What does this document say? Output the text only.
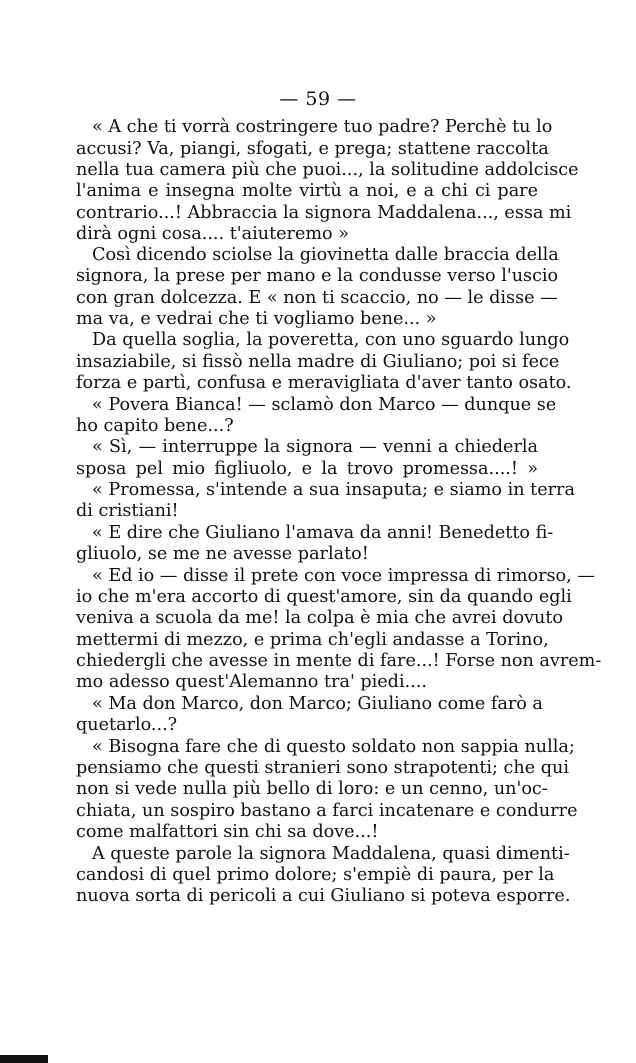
— 59 —
« A che ti vorrà costringere tuo padre? Perchè tu lo
accusi? Va, piangi, sfogati, e prega; stattene raccolta
nella tua camera più che puoi..., la solitudine addolcisce
l'anima e insegna molte virtù a noi, e a chi ci pare
contrario...! Abbraccia la signora Maddalena..., essa mi
dirà ogni cosa.... t'aiuteremo »
Così dicendo sciolse la giovinetta dalle braccia della
signora, la prese per mano e la condusse verso l'uscio
con gran dolcezza. E « non ti scaccio, no — le disse —
ma va, e vedrai che ti vogliamo bene... »
Da quella soglia, la poveretta, con uno sguardo lungo
insaziabile, si fissò nella madre di Giuliano; poi si fece
forza e partì, confusa e meravigliata d'aver tanto osato.
« Povera Bianca! — sclamò don Marco — dunque se
ho capito bene...?
« Sì, — interruppe la signora — venni a chiederla
sposa pel mio figliuolo, e la trovo promessa....! »
« Promessa, s'intende a sua insaputa; e siamo in terra
di cristiani!
« E dire che Giuliano l'amava da anni! Benedetto fi-
gliuolo, se me ne avesse parlato!
« Ed io — disse il prete con voce impressa di rimorso, —
io che m'era accorto di quest'amore, sin da quando egli
veniva a scuola da me! la colpa è mia che avrei dovuto
mettermi di mezzo, e prima ch'egli andasse a Torino,
chiedergli che avesse in mente di fare...! Forse non avrem-
mo adesso quest'Alemanno tra' piedi....
« Ma don Marco, don Marco; Giuliano come farò a
quetarlo...?
« Bisogna fare che di questo soldato non sappia nulla;
pensiamo che questi stranieri sono strapotenti; che qui
non si vede nulla più bello di loro: e un cenno, un'oc-
chiata, un sospiro bastano a farci incatenare e condurre
come malfattori sin chi sa dove...!
A queste parole la signora Maddalena, quasi dimenti-
candosi di quel primo dolore; s'empiè di paura, per la
nuova sorta di pericoli a cui Giuliano si poteva esporre.
